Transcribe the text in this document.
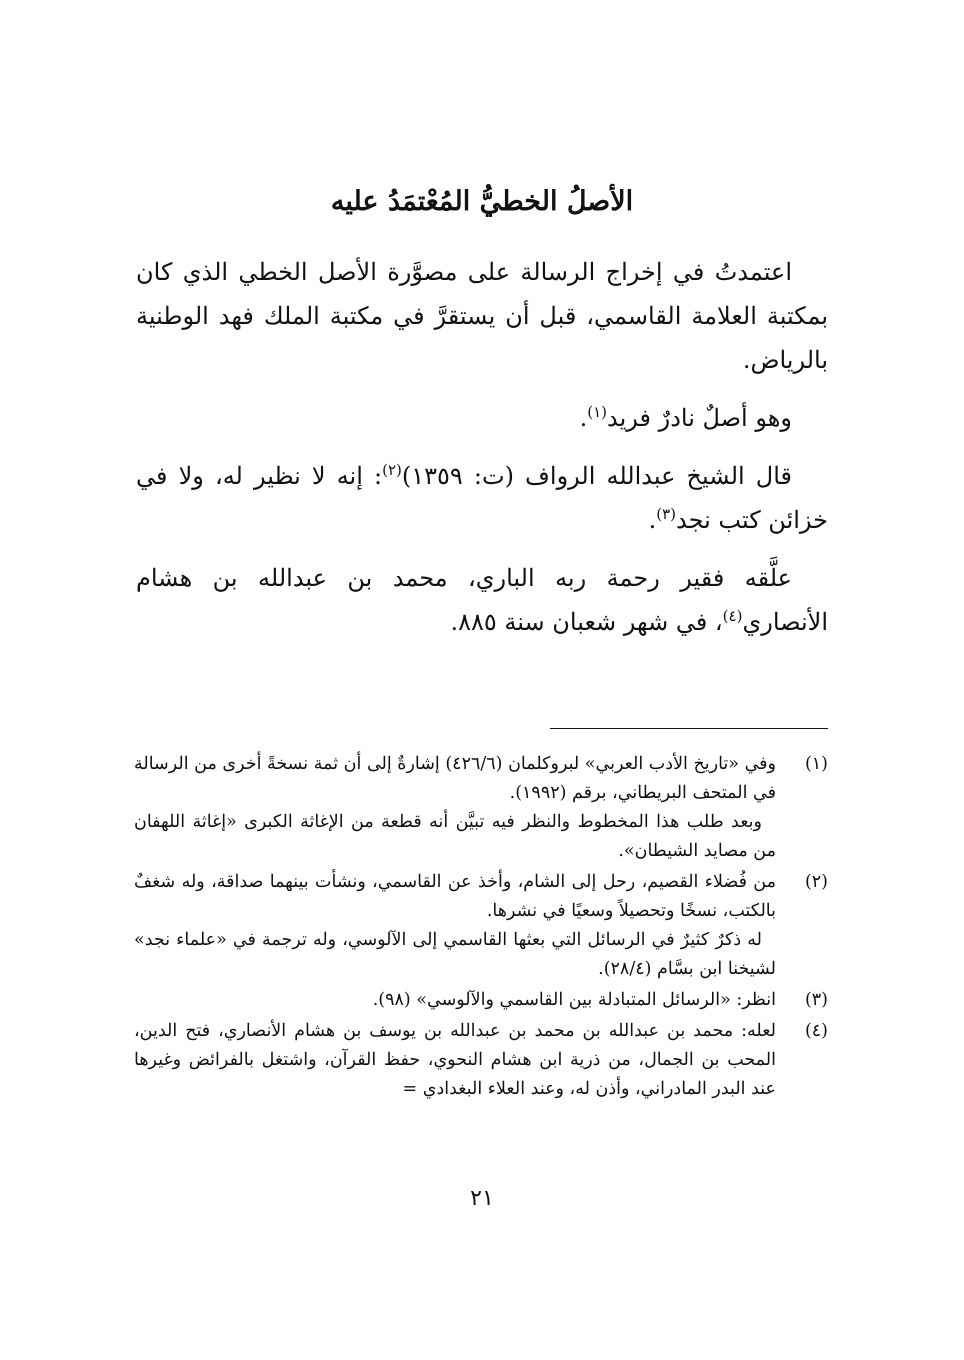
الأصلُ الخطيُّ المُعْتمَدُ عليه

اعتمدتُ في إخراج الرسالة على مصوَّرة الأصل الخطي الذي كان بمكتبة العلامة القاسمي، قبل أن يستقرَّ في مكتبة الملك فهد الوطنية بالرياض.

وهو أصلٌ نادرٌ فريد$^{(١)}$.

قال الشيخ عبدالله الرواف (ت: ١٣٥٩)$^{(٢)}$: إنه لا نظير له، ولا في خزائن كتب نجد$^{(٣)}$.

علَّقه فقير رحمة ربه الباري، محمد بن عبدالله بن هشام الأنصاري$^{(٤)}$، في شهر شعبان سنة ٨٨٥.

(١)
وفي «تاريخ الأدب العربي» لبروكلمان (٤٢٦/٦) إشارةٌ إلى أن ثمة نسخةً أخرى من الرسالة في المتحف البريطاني، برقم (١٩٩٢).
وبعد طلب هذا المخطوط والنظر فيه تبيَّن أنه قطعة من الإغاثة الكبرى «إغاثة اللهفان من مصايد الشيطان».
(٢)
من فُضلاء القصيم، رحل إلى الشام، وأخذ عن القاسمي، ونشأت بينهما صداقة، وله شغفٌ بالكتب، نسخًا وتحصيلاً وسعيًا في نشرها.
له ذكرٌ كثيرٌ في الرسائل التي بعثها القاسمي إلى الآلوسي، وله ترجمة في «علماء نجد» لشيخنا ابن بسَّام (٢٨/٤).
(٣)
انظر: «الرسائل المتبادلة بين القاسمي والآلوسي» (٩٨).
(٤)
لعله: محمد بن عبدالله بن محمد بن عبدالله بن يوسف بن هشام الأنصاري، فتح الدين، المحب بن الجمال، من ذرية ابن هشام النحوي، حفظ القرآن، واشتغل بالفرائض وغيرها عند البدر المادراني، وأذن له، وعند العلاء البغدادي =
٢١
